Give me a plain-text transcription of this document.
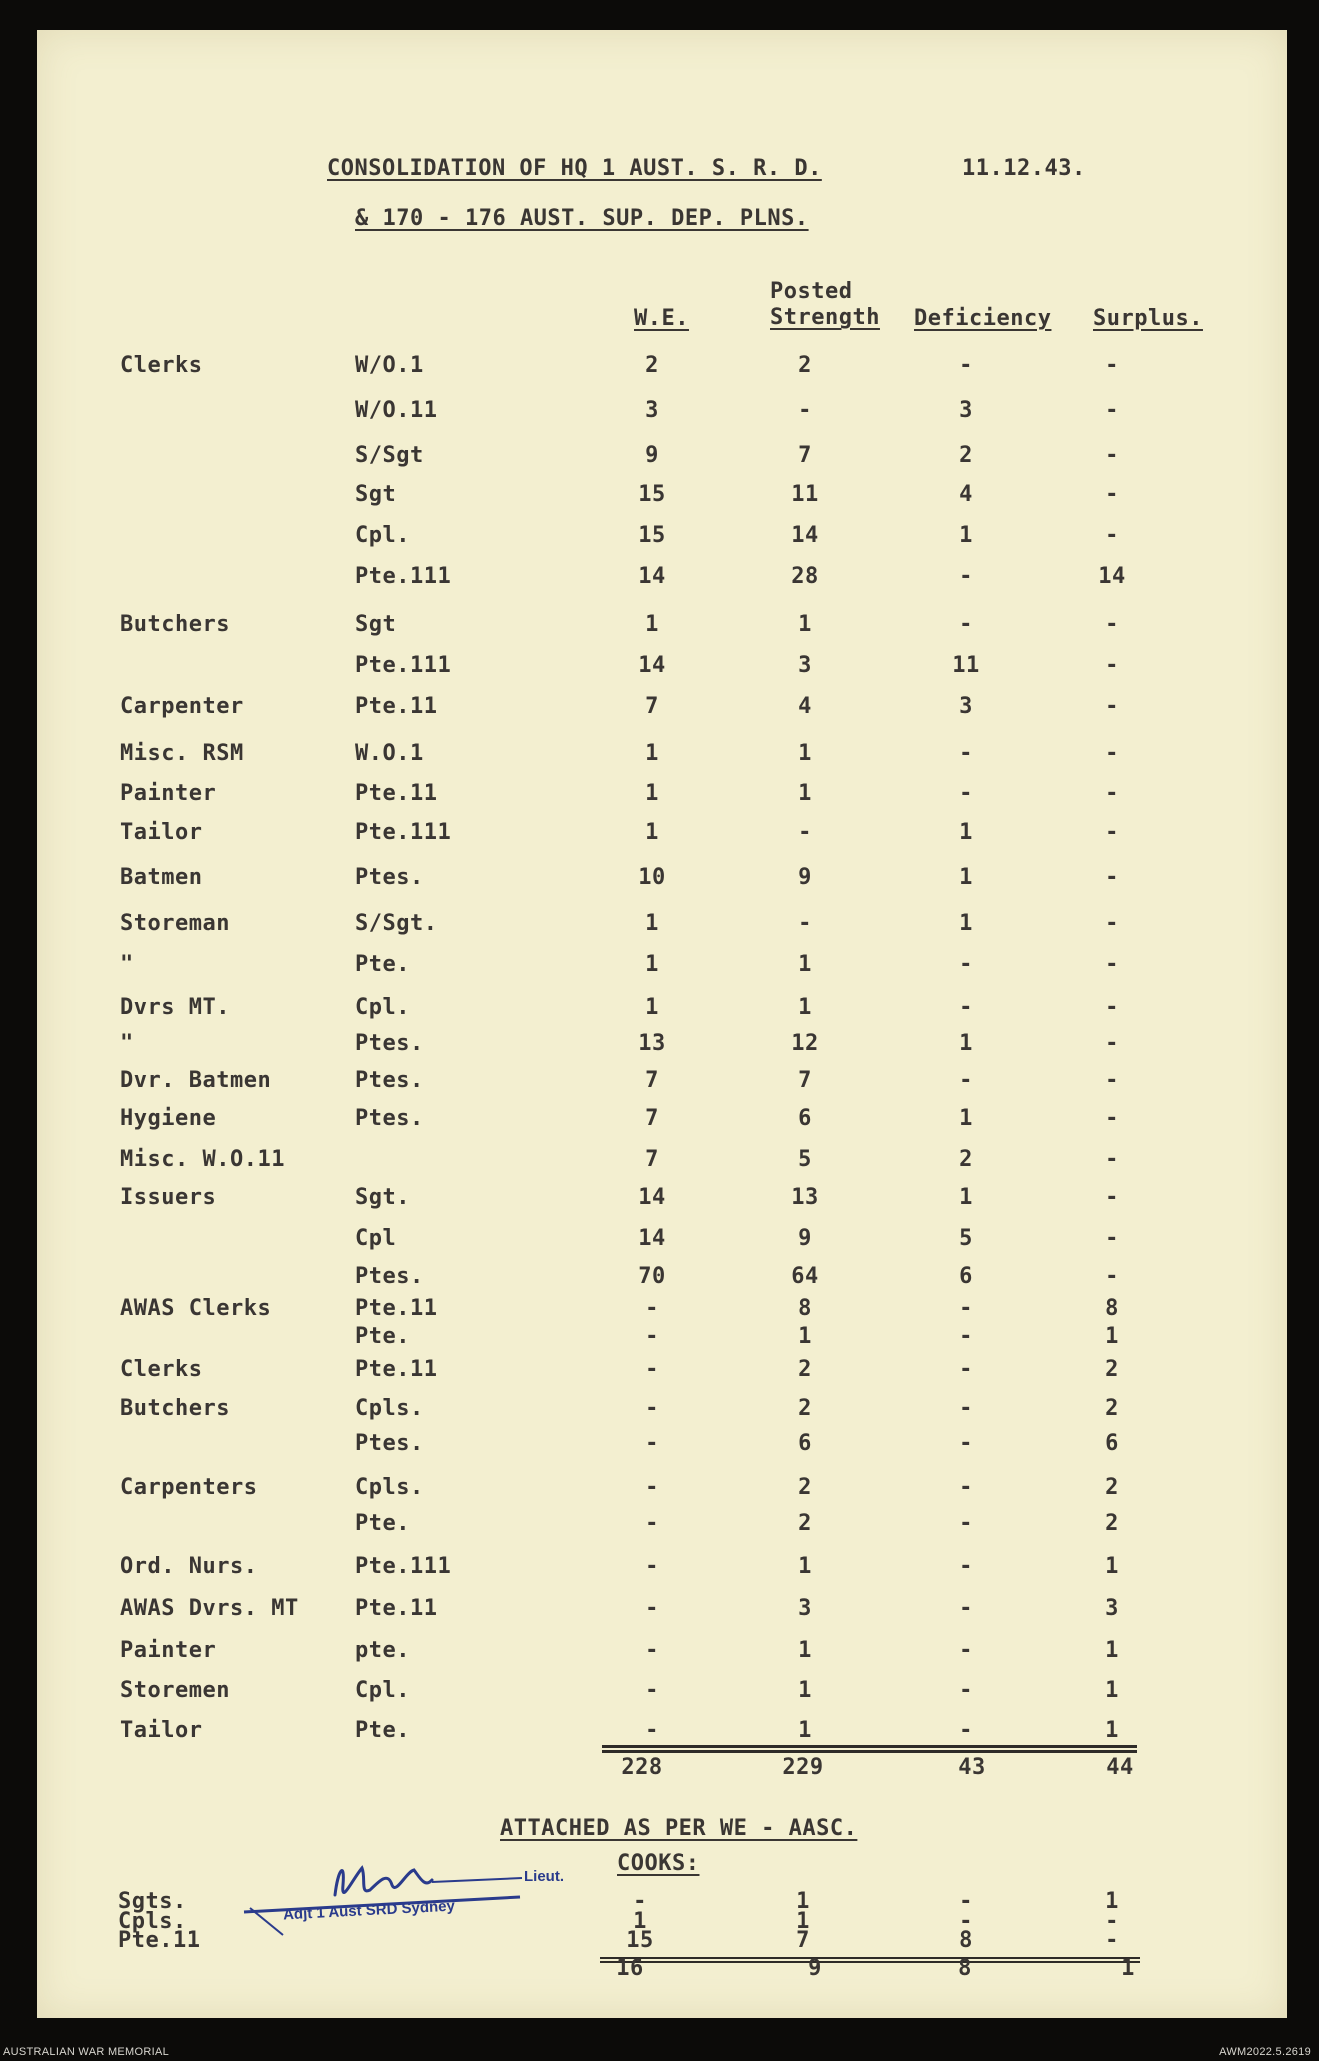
CONSOLIDATION OF HQ 1 AUST. S. R. D.	11.12.43.
& 170 - 176 AUST. SUP. DEP. PLNS.
W.E.
Posted
Strength Deficiency Surplus.
Clerks	W/O.1	2	2	-	-
W/O.11	3	-	3	-
S/Sgt	9	7	2	-
Sgt	15	11	4	-
Cpl.	15	14	1	-
Pte.111	14	28	-	14
Butchers	Sgt	1	1	-	-
Pte.111	14	3	11	-
Carpenter	Pte.11	7	4	3	-
Misc. RSM	W.O.1	1	1	-	-
Painter	Pte.11	1	1	-	-
Tailor	Pte.111	1	-	1	-
Batmen	Ptes.	10	9	1	-
Storeman	S/Sgt.	1	-	1	-
"	Pte.	1	1	-	-
Dvrs MT.	Cpl.	1	1	-	-
"	Ptes.	13	12	1	-
Dvr. Batmen	Ptes.	7	7	-	-
Hygiene	Ptes.	7	6	1	-
Misc. W.O.11	7	5	2	-
Issuers	Sgt.	14	13	1	-
Cpl	14	9	5	-
Ptes.	70	64	6	-
AWAS Clerks	Pte.11	-	8	-	8
Pte.	-	1	-	1
Clerks	Pte.11	-	2	-	2
Butchers	Cpls.	-	2	-	2
Ptes.	-	6	-	6
Carpenters	Cpls.	-	2	-	2
Pte.	-	2	-	2
Ord. Nurs.	Pte.111	-	1	-	1
AWAS Dvrs. MT	Pte.11	-	3	-	3
Painter	pte.	-	1	-	1
Storemen	Cpl.	-	1	-	1
Tailor	Pte.	-	1	-	1
228	229	43	44
ATTACHED AS PER WE - AASC.
COOKS:
Sgts.	-	1	-	1
Cpls.	1	1	-	-
Pte.11	15	7	8	-
16	9	8	1
Lieut.
Adjt 1 Aust SRD Sydney
AUSTRALIAN WAR MEMORIAL	AWM2022.5.2619
